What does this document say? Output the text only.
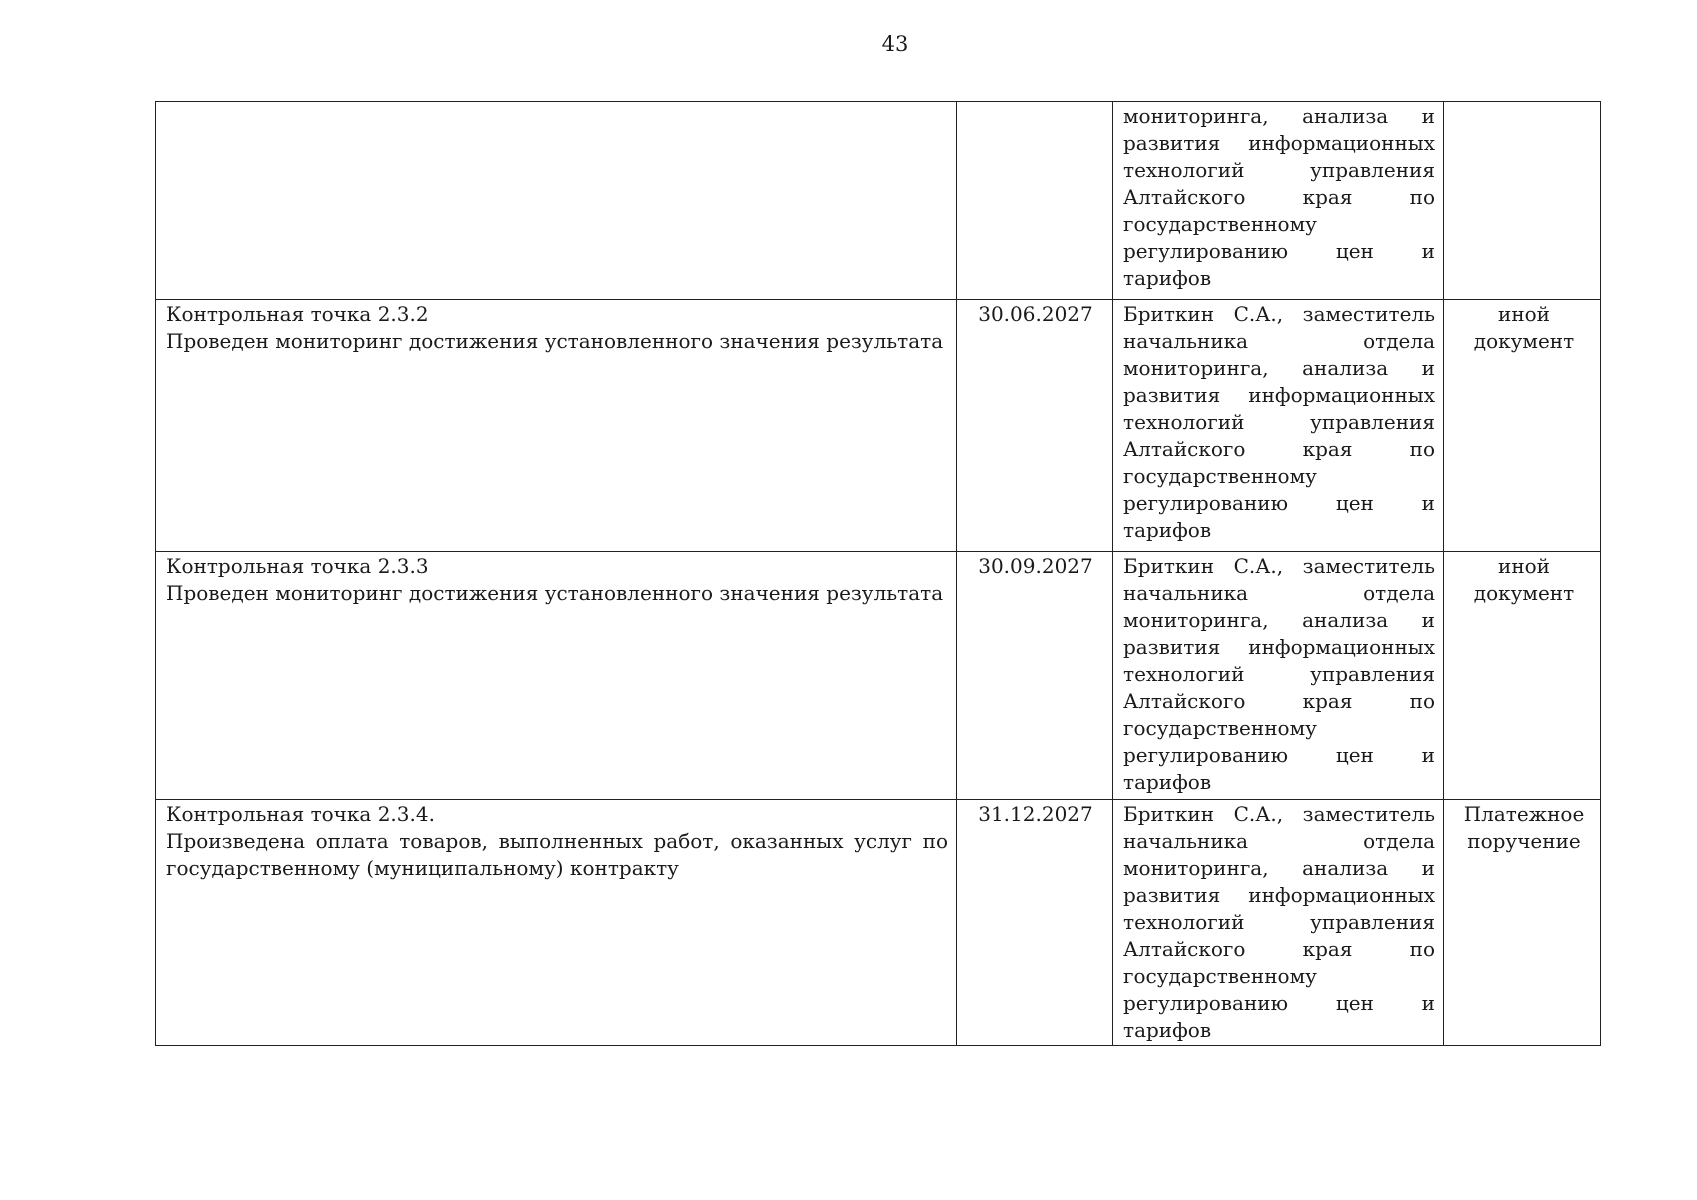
43

		мониторинга, анализа и развития информационных технологий управления Алтайского края по государственному регулированию цен и тарифов	

Контрольная точка 2.3.2
Проведен мониторинг достижения установленного значения результата	30.06.2027	Бриткин С.А., заместитель начальника отдела мониторинга, анализа и развития информационных технологий управления Алтайского края по государственному регулированию цен и тарифов	иной документ

Контрольная точка 2.3.3
Проведен мониторинг достижения установленного значения результата	30.09.2027	Бриткин С.А., заместитель начальника отдела мониторинга, анализа и развития информационных технологий управления Алтайского края по государственному регулированию цен и тарифов	иной документ

Контрольная точка 2.3.4.
Произведена оплата товаров, выполненных работ, оказанных услуг по государственному (муниципальному) контракту	31.12.2027	Бриткин С.А., заместитель начальника отдела мониторинга, анализа и развития информационных технологий управления Алтайского края по государственному регулированию цен и тарифов	Платежное поручение
